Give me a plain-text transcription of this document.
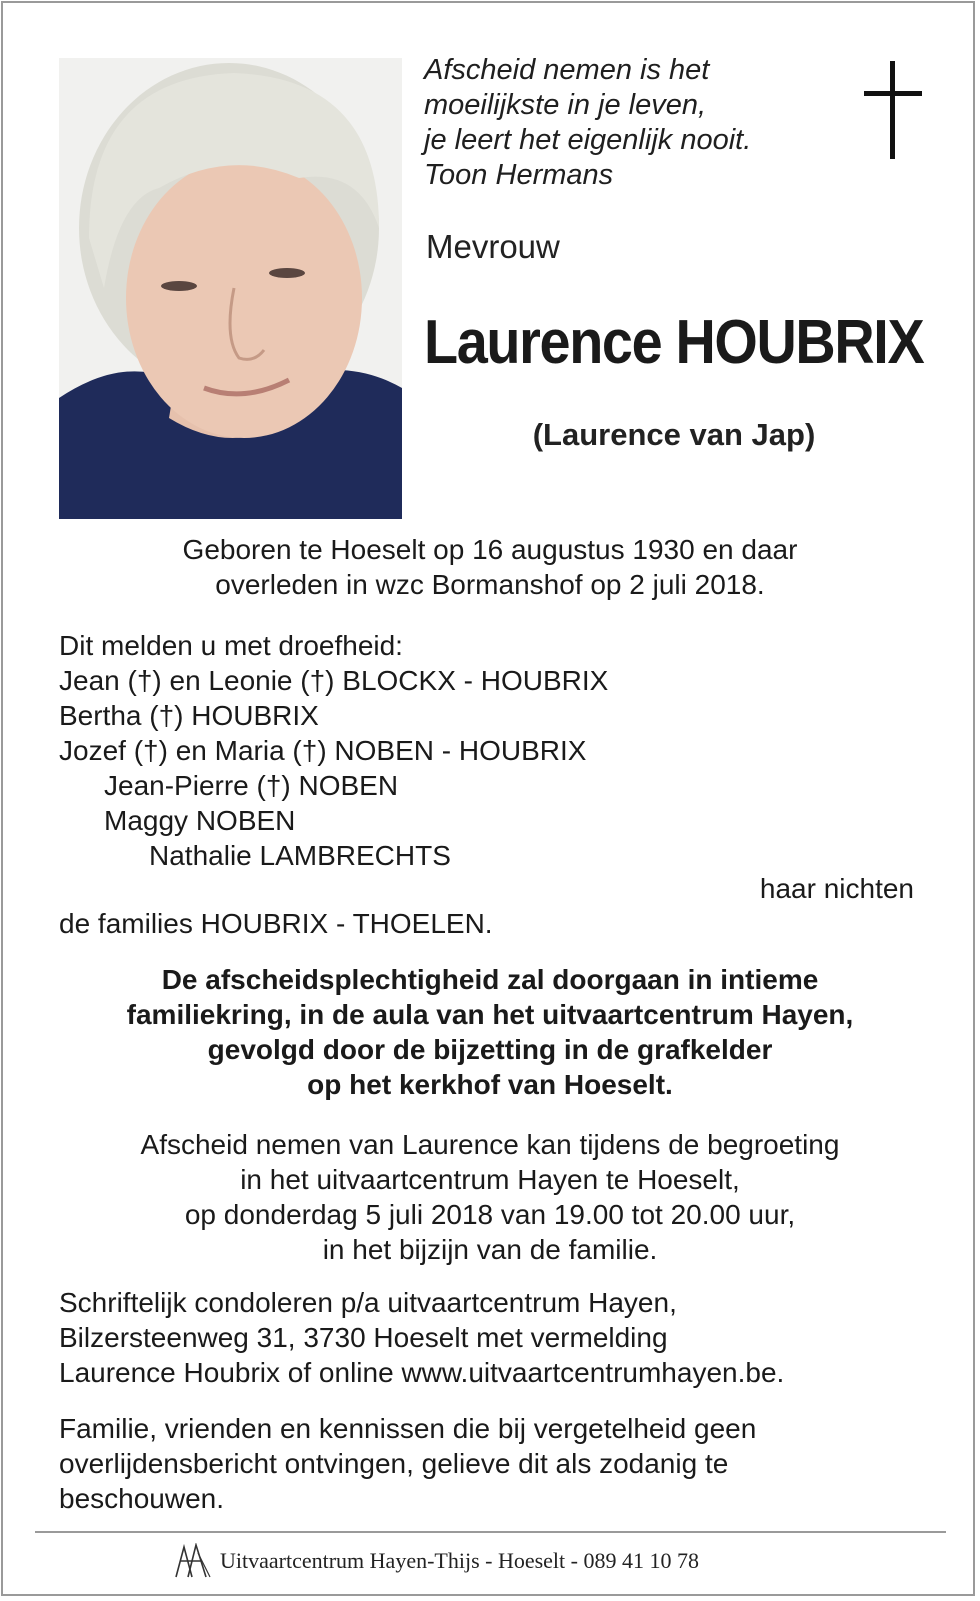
Afscheid nemen is het
moeilijkste in je leven,
je leert het eigenlijk nooit.
Toon Hermans
Mevrouw
Laurence HOUBRIX
(Laurence van Jap)
Geboren te Hoeselt op 16 augustus 1930 en daar
overleden in wzc Bormanshof op 2 juli 2018.
Dit melden u met droefheid:
Jean (†) en Leonie (†) BLOCKX - HOUBRIX
Bertha (†) HOUBRIX
Jozef (†) en Maria (†) NOBEN - HOUBRIX
Jean-Pierre (†) NOBEN
Maggy NOBEN
Nathalie LAMBRECHTS
haar nichten
de families HOUBRIX - THOELEN.
De afscheidsplechtigheid zal doorgaan in intieme
familiekring, in de aula van het uitvaartcentrum Hayen,
gevolgd door de bijzetting in de grafkelder
op het kerkhof van Hoeselt.
Afscheid nemen van Laurence kan tijdens de begroeting
in het uitvaartcentrum Hayen te Hoeselt,
op donderdag 5 juli 2018 van 19.00 tot 20.00 uur,
in het bijzijn van de familie.
Schriftelijk condoleren p/a uitvaartcentrum Hayen,
Bilzersteenweg 31, 3730 Hoeselt met vermelding
Laurence Houbrix of online www.uitvaartcentrumhayen.be.
Familie, vrienden en kennissen die bij vergetelheid geen
overlijdensbericht ontvingen, gelieve dit als zodanig te
beschouwen.
Uitvaartcentrum Hayen-Thijs - Hoeselt - 089 41 10 78
